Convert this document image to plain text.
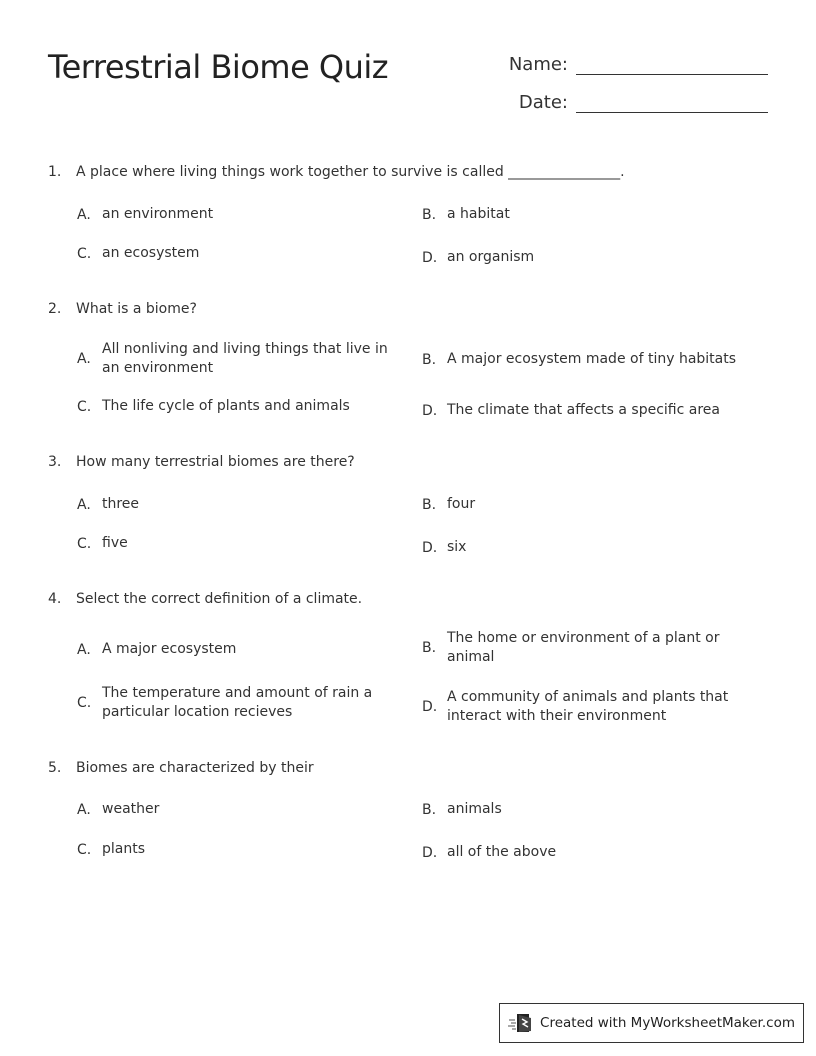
Terrestrial Biome Quiz	Name:
Date:
1.	A place where living things work together to survive is called ________________.
A. an environment	B. a habitat
C. an ecosystem	D. an organism
2.	What is a biome?
A.
All nonliving and living things that live in an environment
B. A major ecosystem made of tiny habitats
C. The life cycle of plants and animals	D. The climate that affects a specific area
3.	How many terrestrial biomes are there?
A. three	B. four
C. five	D. six
4.	Select the correct definition of a climate.
A. A major ecosystem	B.
The home or environment of a plant or animal
C.
The temperature and amount of rain a particular location recieves	D.
A community of animals and plants that interact with their environment
5.	Biomes are characterized by their
A. weather	B. animals
C. plants	D. all of the above
Created with MyWorksheetMaker.com
